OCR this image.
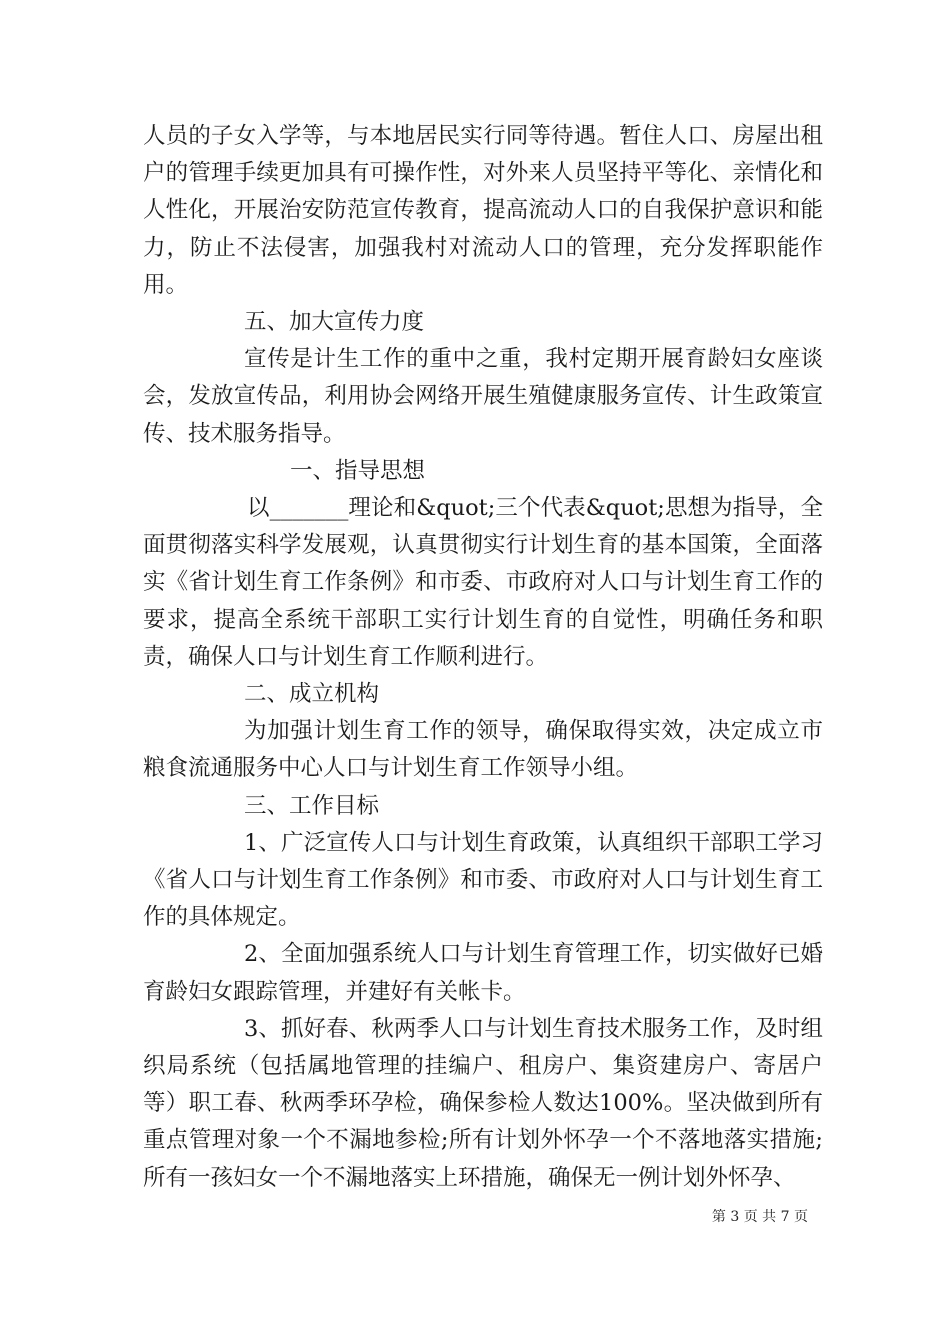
人员的子女入学等，与本地居民实行同等待遇。暂住人口、房屋出租户的管理手续更加具有可操作性，对外来人员坚持平等化、亲情化和人性化，开展治安防范宣传教育，提高流动人口的自我保护意识和能力，防止不法侵害，加强我村对流动人口的管理，充分发挥职能作用。

五、加大宣传力度

宣传是计生工作的重中之重，我村定期开展育龄妇女座谈会，发放宣传品，利用协会网络开展生殖健康服务宣传、计生政策宣传、技术服务指导。

一、指导思想

以_______理论和&quot;三个代表&quot;思想为指导，全面贯彻落实科学发展观，认真贯彻实行计划生育的基本国策，全面落实《省计划生育工作条例》和市委、市政府对人口与计划生育工作的要求，提高全系统干部职工实行计划生育的自觉性，明确任务和职责，确保人口与计划生育工作顺利进行。

二、成立机构

为加强计划生育工作的领导，确保取得实效，决定成立市粮食流通服务中心人口与计划生育工作领导小组。

三、工作目标

1、广泛宣传人口与计划生育政策，认真组织干部职工学习《省人口与计划生育工作条例》和市委、市政府对人口与计划生育工作的具体规定。

2、全面加强系统人口与计划生育管理工作，切实做好已婚育龄妇女跟踪管理，并建好有关帐卡。

3、抓好春、秋两季人口与计划生育技术服务工作，及时组织局系统（包括属地管理的挂编户、租房户、集资建房户、寄居户等）职工春、秋两季环孕检，确保参检人数达100%。坚决做到所有重点管理对象一个不漏地参检;所有计划外怀孕一个不落地落实措施;所有一孩妇女一个不漏地落实上环措施，确保无一例计划外怀孕、

第 3 页 共 7 页
